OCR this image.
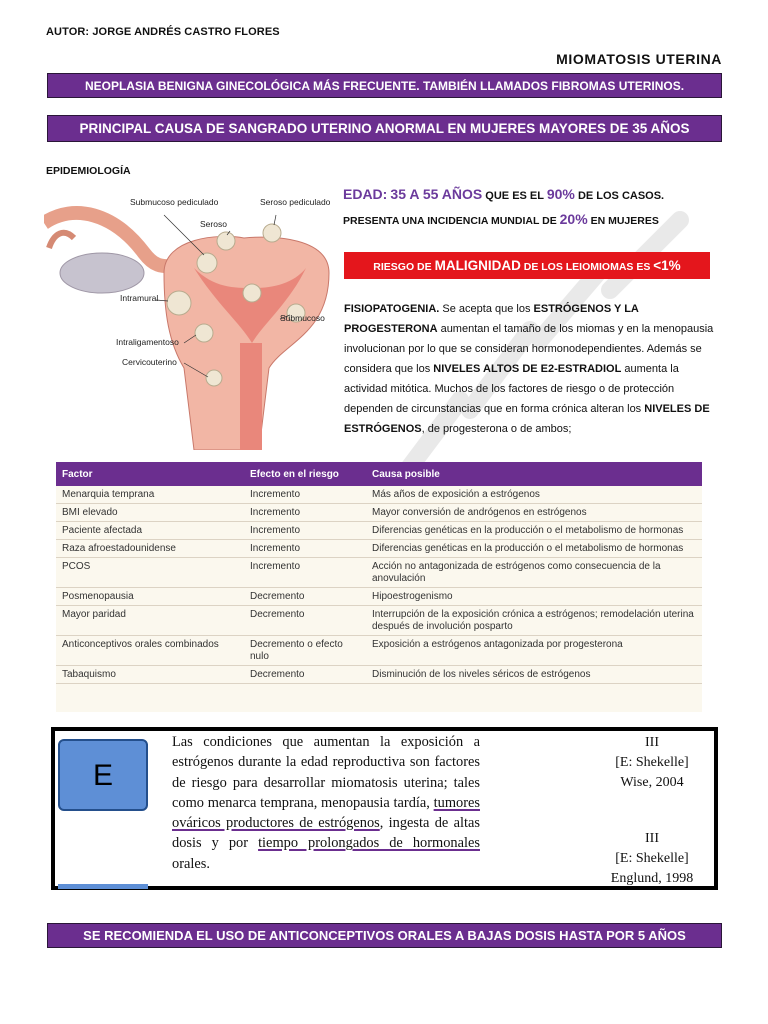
AUTOR: JORGE ANDRÉS CASTRO FLORES
MIOMATOSIS UTERINA
NEOPLASIA BENIGNA GINECOLÓGICA MÁS FRECUENTE. TAMBIÉN LLAMADOS FIBROMAS UTERINOS.
PRINCIPAL CAUSA DE SANGRADO UTERINO ANORMAL EN MUJERES MAYORES DE 35 AÑOS
EPIDEMIOLOGÍA
Submucoso pediculado	Seroso pediculado
Seroso
Intramural
Submucoso
Intraligamentoso
Cervicouterino
EDAD: 35 A 55 AÑOS QUE ES EL 90% DE LOS CASOS.
PRESENTA UNA INCIDENCIA MUNDIAL DE 20% EN MUJERES
RIESGO DE MALIGNIDAD DE LOS LEIOMIOMAS ES <1%
FISIOPATOGENIA. Se acepta que los ESTRÓGENOS Y LA PROGESTERONA aumentan el tamaño de los miomas y en la menopausia involucionan por lo que se consideran hormonodependientes. Además se considera que los NIVELES ALTOS DE E2-ESTRADIOL aumenta la actividad mitótica. Muchos de los factores de riesgo o de protección dependen de circunstancias que en forma crónica alteran los NIVELES DE ESTRÓGENOS, de progesterona o de ambos;
Factor	Efecto en el riesgo	Causa posible
Menarquia temprana	Incremento	Más años de exposición a estrógenos
BMI elevado	Incremento	Mayor conversión de andrógenos en estrógenos
Paciente afectada	Incremento	Diferencias genéticas en la producción o el metabolismo de hormonas
Raza afroestadounidense	Incremento	Diferencias genéticas en la producción o el metabolismo de hormonas
PCOS	Incremento	Acción no antagonizada de estrógenos como consecuencia de la anovulación
Posmenopausia	Decremento	Hipoestrogenismo
Mayor paridad	Decremento	Interrupción de la exposición crónica a estrógenos; remodelación uterina después de involución posparto
Anticonceptivos orales combinados	Decremento o efecto nulo	Exposición a estrógenos antagonizada por progesterona
Tabaquismo	Decremento	Disminución de los niveles séricos de estrógenos
E
Las condiciones que aumentan la exposición a estrógenos durante la edad reproductiva son factores de riesgo para desarrollar miomatosis uterina; tales como menarca temprana, menopausia tardía, tumores ováricos productores de estrógenos, ingesta de altas dosis y por tiempo prolongados de hormonales orales.
III
[E: Shekelle]
Wise, 2004
III
[E: Shekelle]
Englund, 1998
SE RECOMIENDA EL USO DE ANTICONCEPTIVOS ORALES A BAJAS DOSIS HASTA POR 5 AÑOS
